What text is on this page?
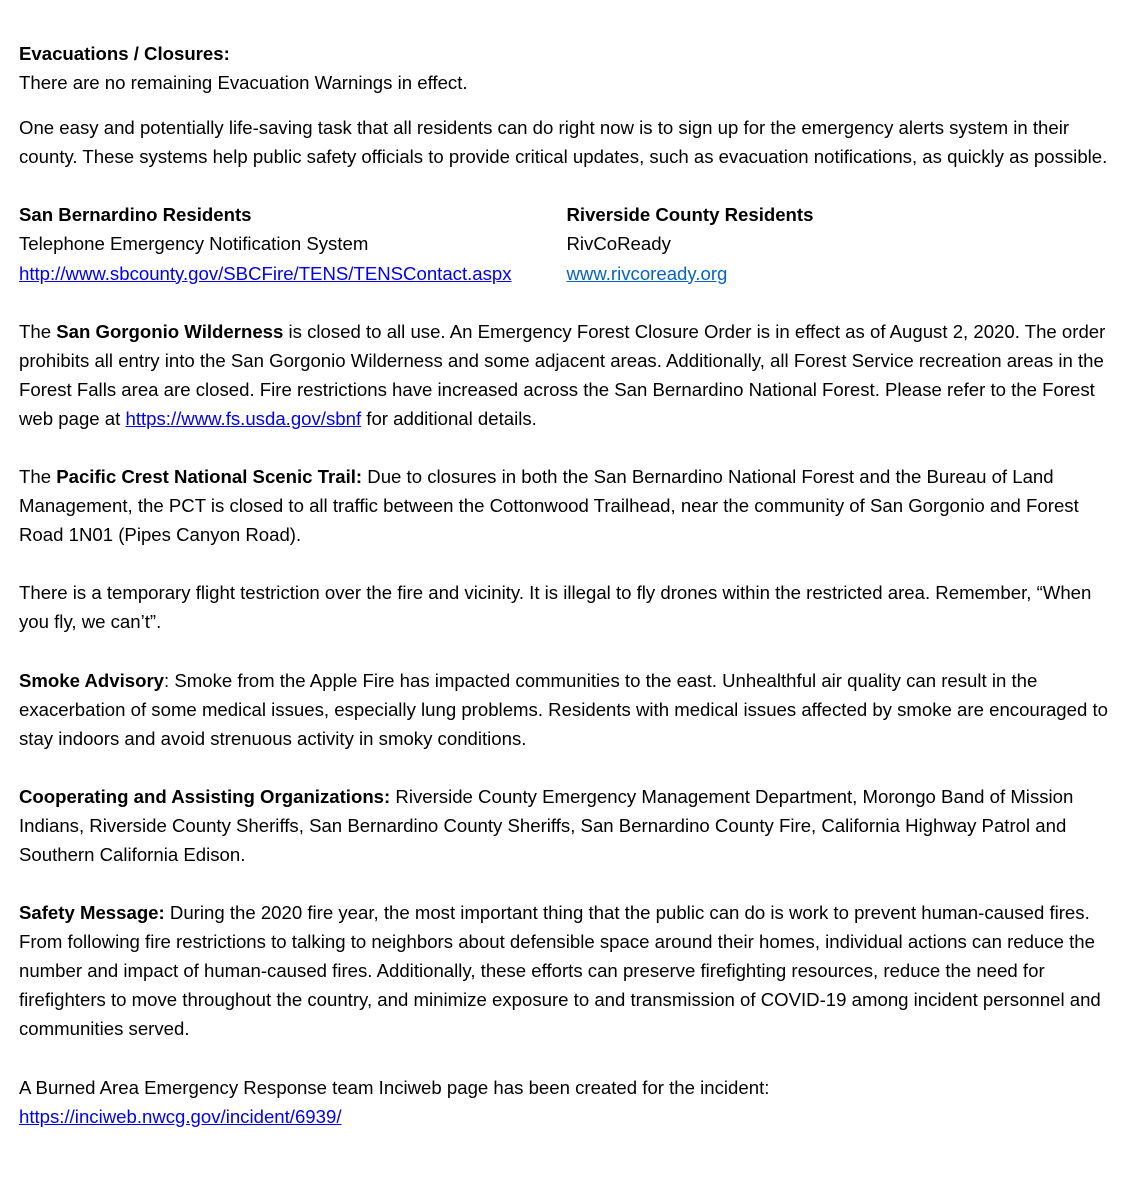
Evacuations / Closures:
There are no remaining Evacuation Warnings in effect.

One easy and potentially life-saving task that all residents can do right now is to sign up for the emergency alerts system in their county. These systems help public safety officials to provide critical updates, such as evacuation notifications, as quickly as possible.

San Bernardino Residents
Telephone Emergency Notification System
http://www.sbcounty.gov/SBCFire/TENS/TENSContact.aspx
Riverside County Residents
RivCoReady
www.rivcoready.org

The San Gorgonio Wilderness is closed to all use. An Emergency Forest Closure Order is in effect as of August 2, 2020. The order prohibits all entry into the San Gorgonio Wilderness and some adjacent areas. Additionally, all Forest Service recreation areas in the Forest Falls area are closed. Fire restrictions have increased across the San Bernardino National Forest. Please refer to the Forest web page at https://www.fs.usda.gov/sbnf for additional details.

The Pacific Crest National Scenic Trail: Due to closures in both the San Bernardino National Forest and the Bureau of Land Management, the PCT is closed to all traffic between the Cottonwood Trailhead, near the community of San Gorgonio and Forest Road 1N01 (Pipes Canyon Road).

There is a temporary flight testriction over the fire and vicinity. It is illegal to fly drones within the restricted area. Remember, “When you fly, we can’t”.

Smoke Advisory: Smoke from the Apple Fire has impacted communities to the east. Unhealthful air quality can result in the exacerbation of some medical issues, especially lung problems. Residents with medical issues affected by smoke are encouraged to stay indoors and avoid strenuous activity in smoky conditions.

Cooperating and Assisting Organizations: Riverside County Emergency Management Department, Morongo Band of Mission Indians, Riverside County Sheriffs, San Bernardino County Sheriffs, San Bernardino County Fire, California Highway Patrol and Southern California Edison.

Safety Message: During the 2020 fire year, the most important thing that the public can do is work to prevent human-caused fires. From following fire restrictions to talking to neighbors about defensible space around their homes, individual actions can reduce the number and impact of human-caused fires. Additionally, these efforts can preserve firefighting resources, reduce the need for firefighters to move throughout the country, and minimize exposure to and transmission of COVID-19 among incident personnel and communities served.

A Burned Area Emergency Response team Inciweb page has been created for the incident:
https://inciweb.nwcg.gov/incident/6939/
